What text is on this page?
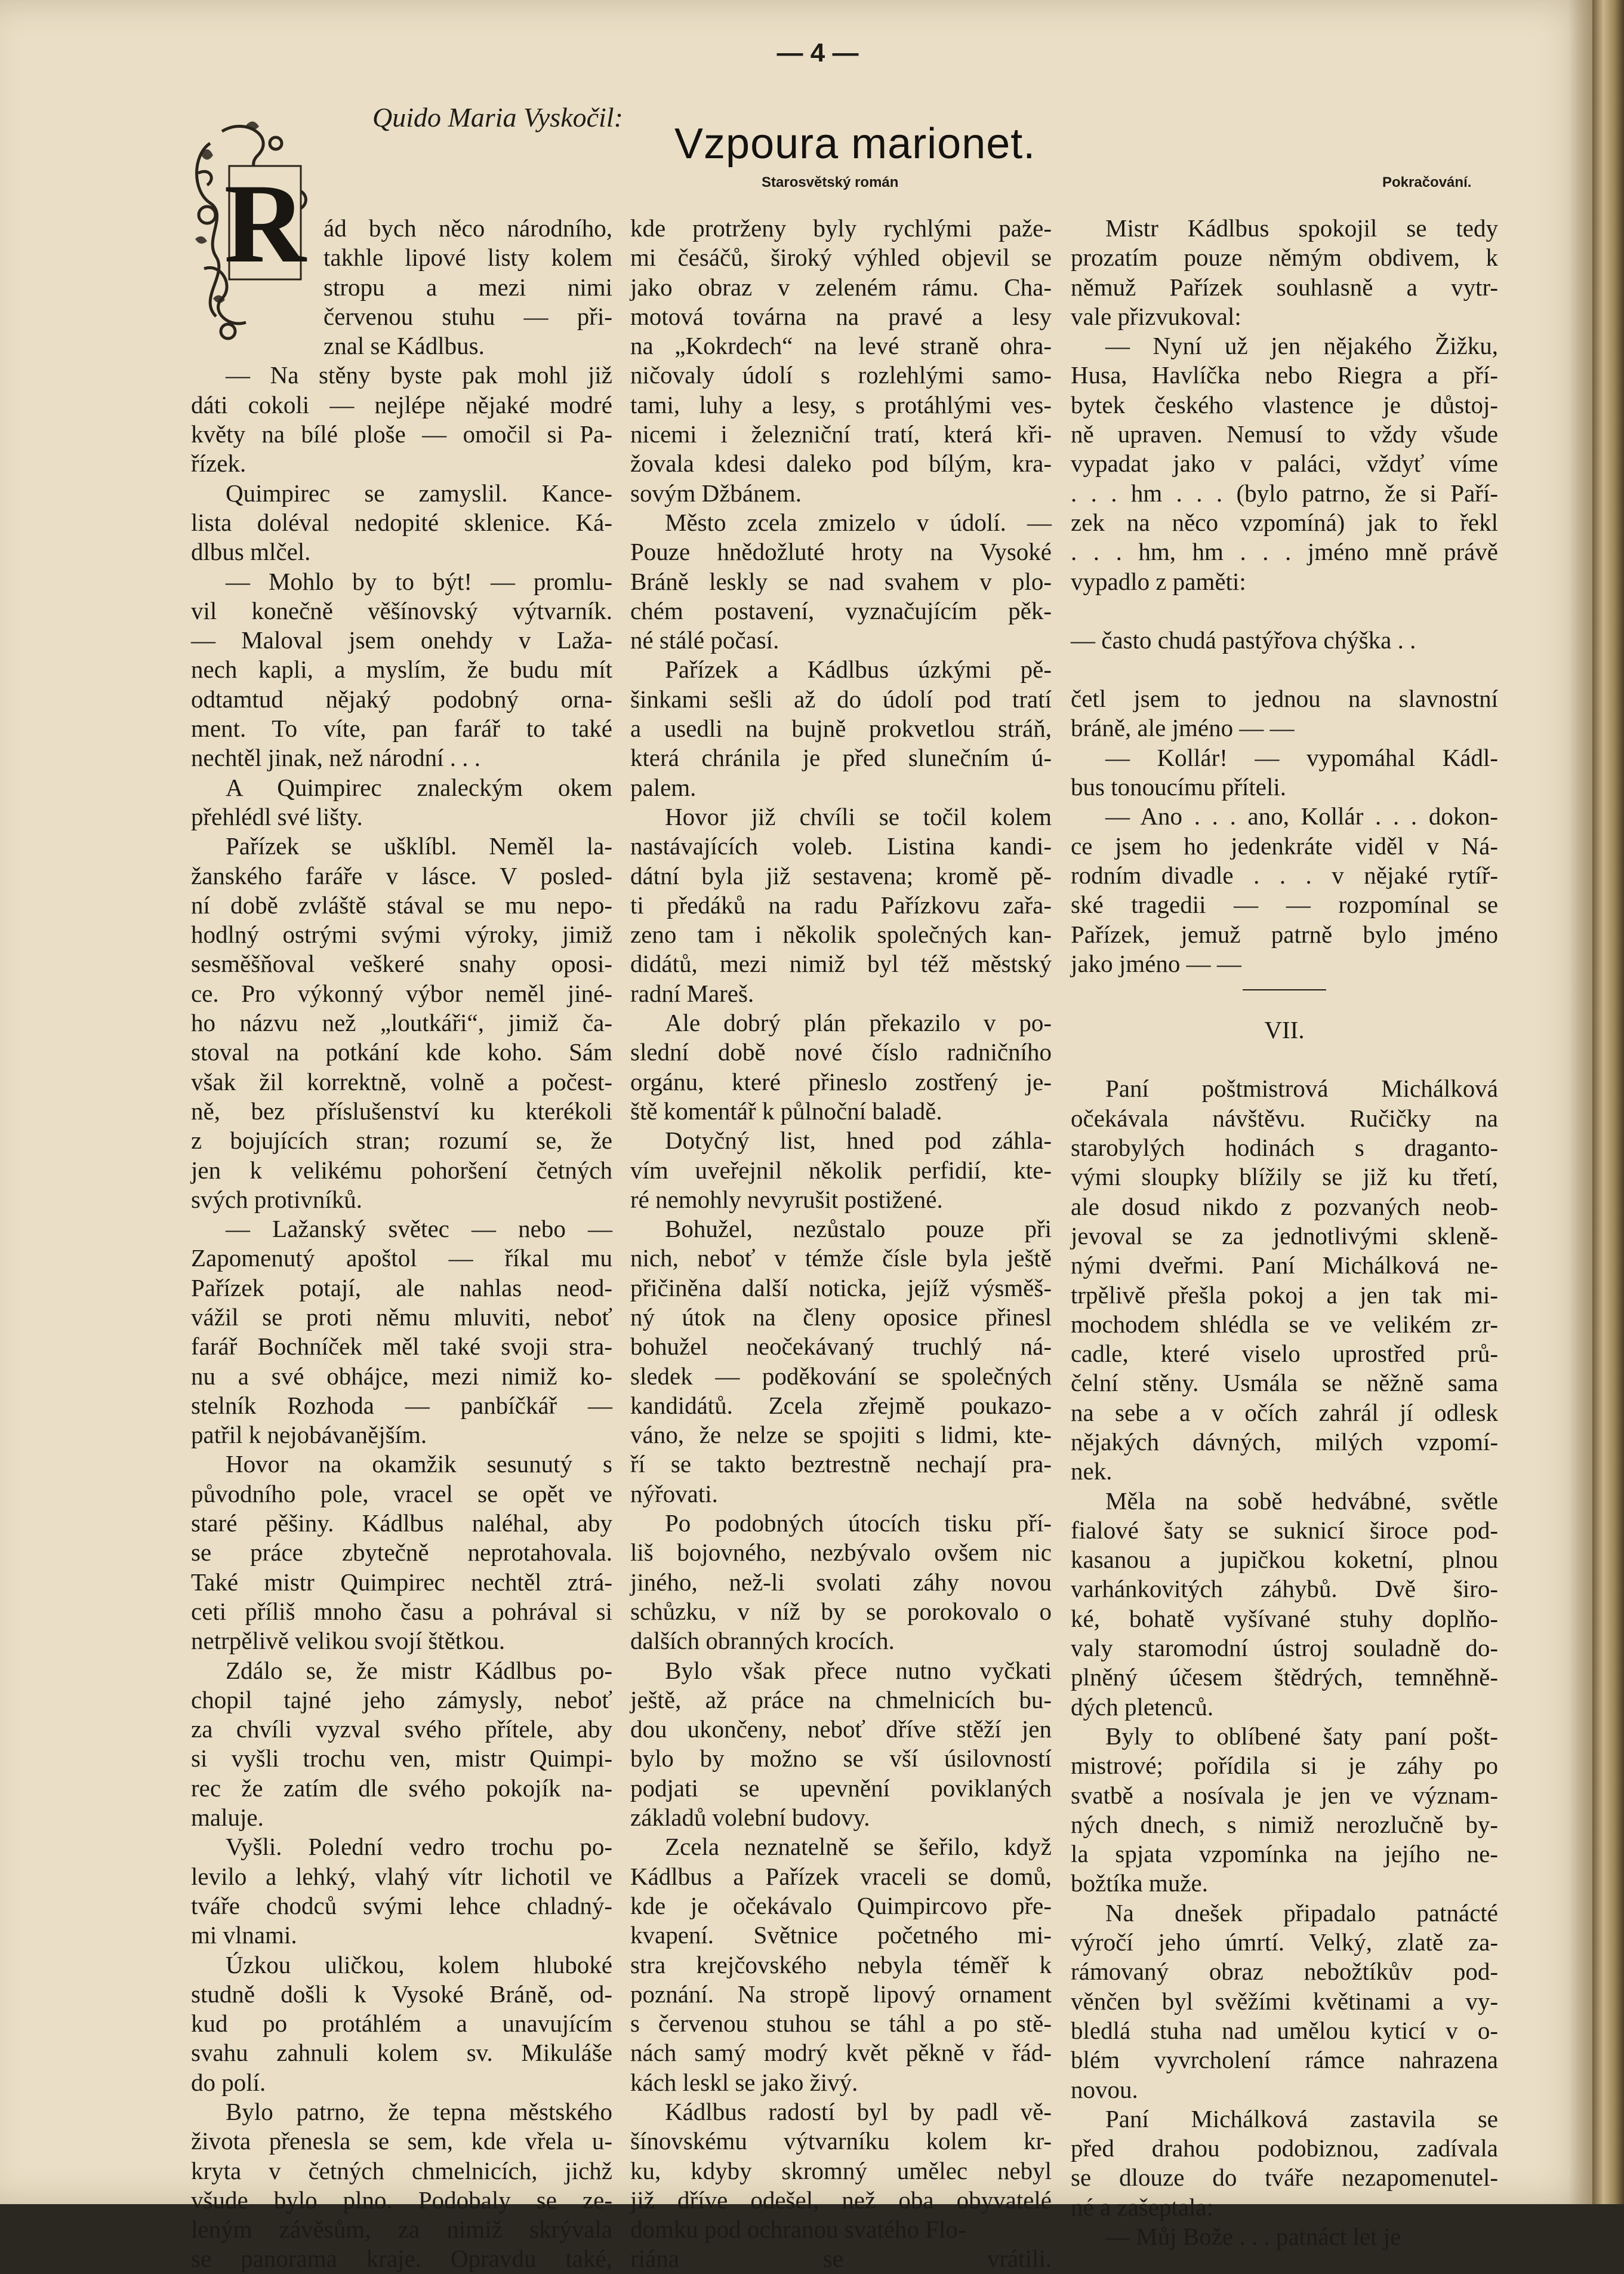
— 4 —
Quido Maria Vyskočil:
Vzpoura marionet.
Starosvětský román	Pokračování.
R ád bych něco národního,

takhle lipové listy kolem

stropu a mezi nimi

červenou stuhu — při-

znal se Kádlbus.

— Na stěny byste pak mohl již

dáti cokoli — nejlépe nějaké modré

květy na bílé ploše — omočil si Pa-

řízek.

Quimpirec se zamyslil. Kance-

lista doléval nedopité sklenice. Ká-

dlbus mlčel.

— Mohlo by to být! — promlu-

vil konečně věšínovský výtvarník.

— Maloval jsem onehdy v Laža-

nech kapli, a myslím, že budu mít

odtamtud nějaký podobný orna-

ment. To víte, pan farář to také

nechtěl jinak, než národní . . .

A Quimpirec znaleckým okem

přehlédl své lišty.

Pařízek se ušklíbl. Neměl la-

žanského faráře v lásce. V posled-

ní době zvláště stával se mu nepo-

hodlný ostrými svými výroky, jimiž

sesměšňoval veškeré snahy oposi-

ce. Pro výkonný výbor neměl jiné-

ho názvu než „loutkáři“, jimiž ča-

stoval na potkání kde koho. Sám

však žil korrektně, volně a počest-

ně, bez příslušenství ku kterékoli

z bojujících stran; rozumí se, že

jen k velikému pohoršení četných

svých protivníků.

— Lažanský světec — nebo —

Zapomenutý apoštol — říkal mu

Pařízek potají, ale nahlas neod-

vážil se proti němu mluviti, neboť

farář Bochníček měl také svoji stra-

nu a své obhájce, mezi nimiž ko-

stelník Rozhoda — panbíčkář —

patřil k nejobávanějším.

Hovor na okamžik sesunutý s

původního pole, vracel se opět ve

staré pěšiny. Kádlbus naléhal, aby

se práce zbytečně neprotahovala.

Také mistr Quimpirec nechtěl ztrá-

ceti příliš mnoho času a pohrával si

netrpělivě velikou svojí štětkou.

Zdálo se, že mistr Kádlbus po-

chopil tajné jeho zámysly, neboť

za chvíli vyzval svého přítele, aby

si vyšli trochu ven, mistr Quimpi-

rec že zatím dle svého pokojík na-

maluje.

Vyšli. Polední vedro trochu po-

levilo a lehký, vlahý vítr lichotil ve

tváře chodců svými lehce chladný-

mi vlnami.

Úzkou uličkou, kolem hluboké

studně došli k Vysoké Bráně, od-

kud po protáhlém a unavujícím

svahu zahnuli kolem sv. Mikuláše

do polí.

Bylo patrno, že tepna městského

života přenesla se sem, kde vřela u-

kryta v četných chmelnicích, jichž

všude bylo plno. Podobaly se ze-

leným závěsům, za nimiž skrývala

se panorama kraje. Opravdu také,

kde protrženy byly rychlými paže-

mi česáčů, široký výhled objevil se

jako obraz v zeleném rámu. Cha-

motová továrna na pravé a lesy

na „Kokrdech“ na levé straně ohra-

ničovaly údolí s rozlehlými samo-

tami, luhy a lesy, s protáhlými ves-

nicemi i železniční tratí, která kři-

žovala kdesi daleko pod bílým, kra-

sovým Džbánem.

Město zcela zmizelo v údolí. —

Pouze hnědožluté hroty na Vysoké

Bráně leskly se nad svahem v plo-

chém postavení, vyznačujícím pěk-

né stálé počasí.

Pařízek a Kádlbus úzkými pě-

šinkami sešli až do údolí pod tratí

a usedli na bujně prokvetlou stráň,

která chránila je před slunečním ú-

palem.

Hovor již chvíli se točil kolem

nastávajících voleb. Listina kandi-

dátní byla již sestavena; kromě pě-

ti předáků na radu Pařízkovu zařa-

zeno tam i několik společných kan-

didátů, mezi nimiž byl též městský

radní Mareš.

Ale dobrý plán překazilo v po-

slední době nové číslo radničního

orgánu, které přineslo zostřený je-

ště komentář k půlnoční baladě.

Dotyčný list, hned pod záhla-

vím uveřejnil několik perfidií, kte-

ré nemohly nevyrušit postižené.

Bohužel, nezůstalo pouze při

nich, neboť v témže čísle byla ještě

přičiněna další noticka, jejíž výsměš-

ný útok na členy oposice přinesl

bohužel neočekávaný truchlý ná-

sledek — poděkování se společných

kandidátů. Zcela zřejmě poukazo-

váno, že nelze se spojiti s lidmi, kte-

ří se takto beztrestně nechají pra-

nýřovati.

Po podobných útocích tisku pří-

liš bojovného, nezbývalo ovšem nic

jiného, než-li svolati záhy novou

schůzku, v níž by se porokovalo o

dalších obranných krocích.

Bylo však přece nutno vyčkati

ještě, až práce na chmelnicích bu-

dou ukončeny, neboť dříve stěží jen

bylo by možno se vší úsilovností

podjati se upevnění poviklaných

základů volební budovy.

Zcela neznatelně se šeřilo, když

Kádlbus a Pařízek vraceli se domů,

kde je očekávalo Quimpircovo pře-

kvapení. Světnice početného mi-

stra krejčovského nebyla téměř k

poznání. Na stropě lipový ornament

s červenou stuhou se táhl a po stě-

nách samý modrý květ pěkně v řád-

kách leskl se jako živý.

Kádlbus radostí byl by padl vě-

šínovskému výtvarníku kolem kr-

ku, kdyby skromný umělec nebyl

již dříve odešel, než oba obyvatelé

domku pod ochranou svatého Flo-

riána se vrátili.

Mistr Kádlbus spokojil se tedy

prozatím pouze němým obdivem, k

němuž Pařízek souhlasně a vytr-

vale přizvukoval:

— Nyní už jen nějakého Žižku,

Husa, Havlíčka nebo Riegra a pří-

bytek českého vlastence je důstoj-

ně upraven. Nemusí to vždy všude

vypadat jako v paláci, vždyť víme

. . . hm . . . (bylo patrno, že si Paří-

zek na něco vzpomíná) jak to řekl

. . . hm, hm . . . jméno mně právě

vypadlo z paměti:

— často chudá pastýřova chýška . .

četl jsem to jednou na slavnostní

bráně, ale jméno — —

— Kollár! — vypomáhal Kádl-

bus tonoucímu příteli.

— Ano . . . ano, Kollár . . . dokon-

ce jsem ho jedenkráte viděl v Ná-

rodním divadle . . . v nějaké rytíř-

ské tragedii — — rozpomínal se

Pařízek, jemuž patrně bylo jméno

jako jméno — —

VII.

Paní poštmistrová Michálková

očekávala návštěvu. Ručičky na

starobylých hodinách s draganto-

vými sloupky blížily se již ku třetí,

ale dosud nikdo z pozvaných neob-

jevoval se za jednotlivými skleně-

nými dveřmi. Paní Michálková ne-

trpělivě přešla pokoj a jen tak mi-

mochodem shlédla se ve velikém zr-

cadle, které viselo uprostřed prů-

čelní stěny. Usmála se něžně sama

na sebe a v očích zahrál jí odlesk

nějakých dávných, milých vzpomí-

nek.

Měla na sobě hedvábné, světle

fialové šaty se suknicí široce pod-

kasanou a jupičkou koketní, plnou

varhánkovitých záhybů. Dvě širo-

ké, bohatě vyšívané stuhy doplňo-

valy staromodní ústroj souladně do-

plněný účesem štědrých, temněhně-

dých pletenců.

Byly to oblíbené šaty paní pošt-

mistrové; pořídila si je záhy po

svatbě a nosívala je jen ve význam-

ných dnech, s nimiž nerozlučně by-

la spjata vzpomínka na jejího ne-

božtíka muže.

Na dnešek připadalo patnácté

výročí jeho úmrtí. Velký, zlatě za-

rámovaný obraz nebožtíkův pod-

věnčen byl svěžími květinami a vy-

bledlá stuha nad umělou kyticí v o-

blém vyvrcholení rámce nahrazena

novou.

Paní Michálková zastavila se

před drahou podobiznou, zadívala

se dlouze do tváře nezapomenutel-

né a zašeptala:

— Můj Bože . . . patnáct let je
